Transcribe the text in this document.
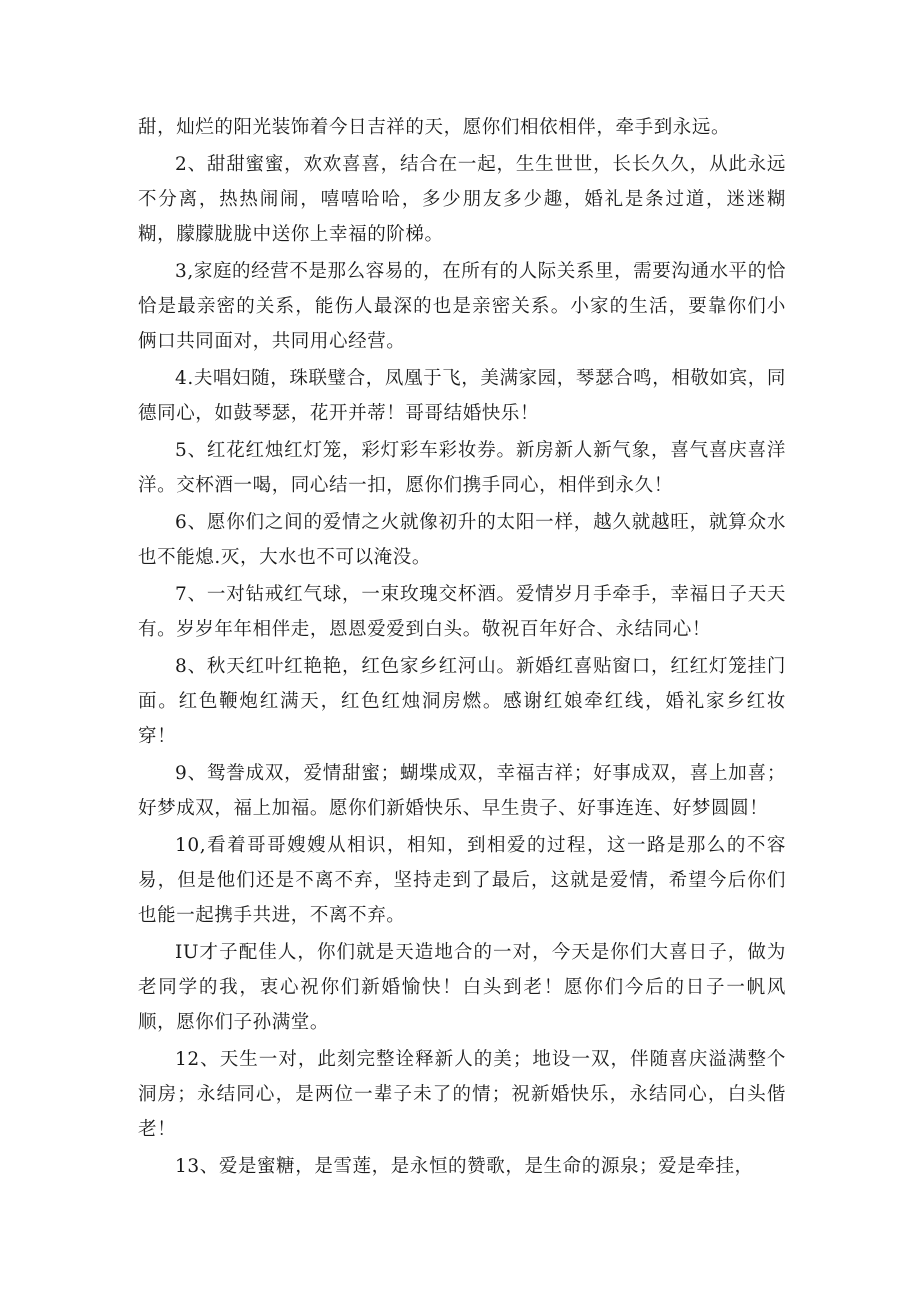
甜，灿烂的阳光装饰着今日吉祥的天，愿你们相依相伴，牵手到永远。

2、甜甜蜜蜜，欢欢喜喜，结合在一起，生生世世，长长久久，从此永远不分离，热热闹闹，嘻嘻哈哈，多少朋友多少趣，婚礼是条过道，迷迷糊糊，朦朦胧胧中送你上幸福的阶梯。

3,家庭的经营不是那么容易的，在所有的人际关系里，需要沟通水平的恰恰是最亲密的关系，能伤人最深的也是亲密关系。小家的生活，要靠你们小俩口共同面对，共同用心经营。

4.夫唱妇随，珠联璧合，凤凰于飞，美满家园，琴瑟合鸣，相敬如宾，同德同心，如鼓琴瑟，花开并蒂！哥哥结婚快乐！

5、红花红烛红灯笼，彩灯彩车彩妆券。新房新人新气象，喜气喜庆喜洋洋。交杯酒一喝，同心结一扣，愿你们携手同心，相伴到永久！

6、愿你们之间的爱情之火就像初升的太阳一样，越久就越旺，就算众水也不能熄.灭，大水也不可以淹没。

7、一对钻戒红气球，一束玫瑰交杯酒。爱情岁月手牵手，幸福日子天天有。岁岁年年相伴走，恩恩爱爱到白头。敬祝百年好合、永结同心！

8、秋天红叶红艳艳，红色家乡红河山。新婚红喜贴窗口，红红灯笼挂门面。红色鞭炮红满天，红色红烛洞房燃。感谢红娘牵红线，婚礼家乡红妆穿！

9、鸳誊成双，爱情甜蜜；蝴堞成双，幸福吉祥；好事成双，喜上加喜；好梦成双，福上加福。愿你们新婚快乐、早生贵子、好事连连、好梦圆圆！

10,看着哥哥嫂嫂从相识，相知，到相爱的过程，这一路是那么的不容易，但是他们还是不离不弃，坚持走到了最后，这就是爱情，希望今后你们也能一起携手共进，不离不弃。

IU才子配佳人，你们就是天造地合的一对，今天是你们大喜日子，做为老同学的我，衷心祝你们新婚愉快！白头到老！愿你们今后的日子一帆风顺，愿你们子孙满堂。

12、天生一对，此刻完整诠释新人的美；地设一双，伴随喜庆溢满整个洞房；永结同心，是两位一辈子未了的情；祝新婚快乐，永结同心，白头偕老！

13、爱是蜜糖，是雪莲，是永恒的赞歌，是生命的源泉；爱是牵挂，
